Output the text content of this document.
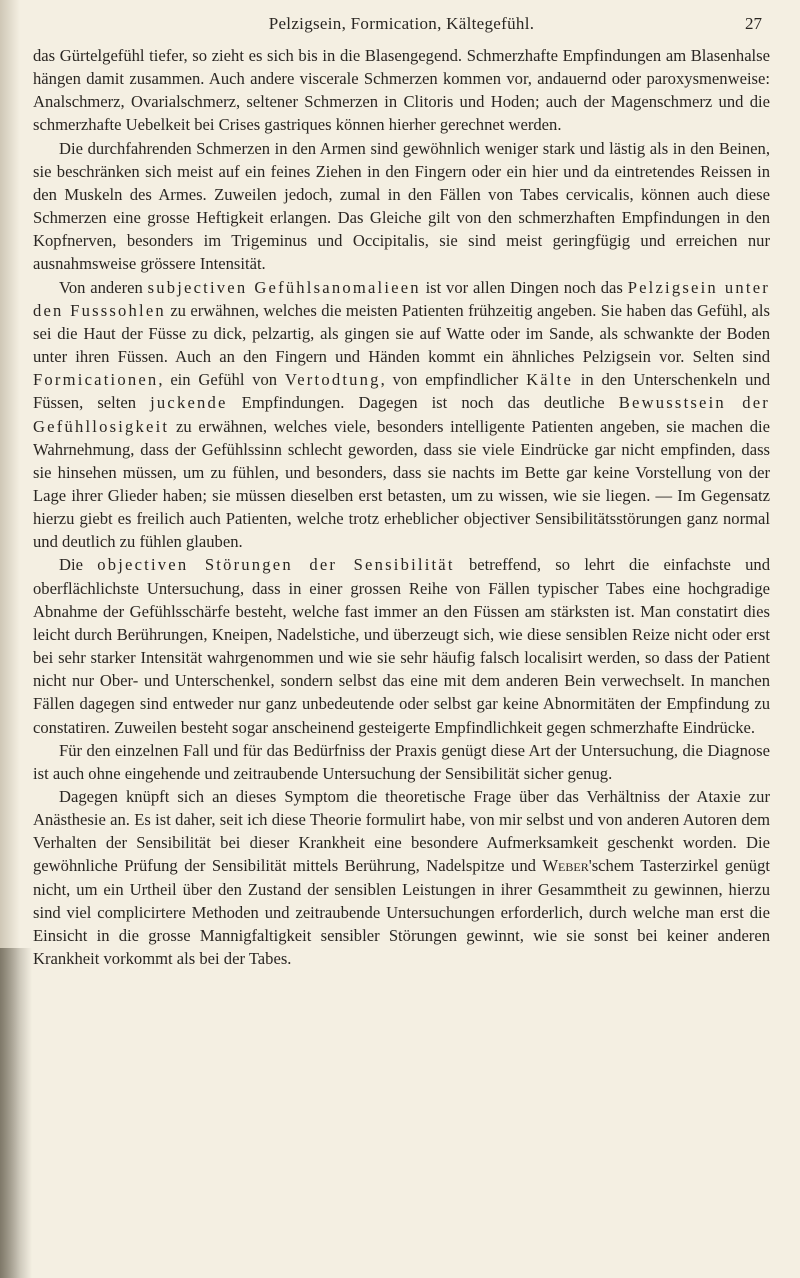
Pelzigsein, Formication, Kältegefühl.	27

das Gürtelgefühl tiefer, so zieht es sich bis in die Blasengegend. Schmerzhafte Empfindungen am Blasenhalse hängen damit zusammen. Auch andere viscerale Schmerzen kommen vor, andauernd oder paroxysmenweise: Analschmerz, Ovarialschmerz, seltener Schmerzen in Clitoris und Hoden; auch der Magenschmerz und die schmerzhafte Uebelkeit bei Crises gastriques können hierher gerechnet werden.

Die durchfahrenden Schmerzen in den Armen sind gewöhnlich weniger stark und lästig als in den Beinen, sie beschränken sich meist auf ein feines Ziehen in den Fingern oder ein hier und da eintretendes Reissen in den Muskeln des Armes. Zuweilen jedoch, zumal in den Fällen von Tabes cervicalis, können auch diese Schmerzen eine grosse Heftigkeit erlangen. Das Gleiche gilt von den schmerzhaften Empfindungen in den Kopfnerven, besonders im Trigeminus und Occipitalis, sie sind meist geringfügig und erreichen nur ausnahmsweise grössere Intensität.

Von anderen subjectiven Gefühlsanomalieen ist vor allen Dingen noch das Pelzigsein unter den Fusssohlen zu erwähnen, welches die meisten Patienten frühzeitig angeben. Sie haben das Gefühl, als sei die Haut der Füsse zu dick, pelzartig, als gingen sie auf Watte oder im Sande, als schwankte der Boden unter ihren Füssen. Auch an den Fingern und Händen kommt ein ähnliches Pelzigsein vor. Selten sind Formicationen, ein Gefühl von Vertodtung, von empfindlicher Kälte in den Unterschenkeln und Füssen, selten juckende Empfindungen. Dagegen ist noch das deutliche Bewusstsein der Gefühllosigkeit zu erwähnen, welches viele, besonders intelligente Patienten angeben, sie machen die Wahrnehmung, dass der Gefühlssinn schlecht geworden, dass sie viele Eindrücke gar nicht empfinden, dass sie hinsehen müssen, um zu fühlen, und besonders, dass sie nachts im Bette gar keine Vorstellung von der Lage ihrer Glieder haben; sie müssen dieselben erst betasten, um zu wissen, wie sie liegen. — Im Gegensatz hierzu giebt es freilich auch Patienten, welche trotz erheblicher objectiver Sensibilitätsstörungen ganz normal und deutlich zu fühlen glauben.

Die objectiven Störungen der Sensibilität betreffend, so lehrt die einfachste und oberflächlichste Untersuchung, dass in einer grossen Reihe von Fällen typischer Tabes eine hochgradige Abnahme der Gefühlsschärfe besteht, welche fast immer an den Füssen am stärksten ist. Man constatirt dies leicht durch Berührungen, Kneipen, Nadelstiche, und überzeugt sich, wie diese sensiblen Reize nicht oder erst bei sehr starker Intensität wahrgenommen und wie sie sehr häufig falsch localisirt werden, so dass der Patient nicht nur Ober- und Unterschenkel, sondern selbst das eine mit dem anderen Bein verwechselt. In manchen Fällen dagegen sind entweder nur ganz unbedeutende oder selbst gar keine Abnormitäten der Empfindung zu constatiren. Zuweilen besteht sogar anscheinend gesteigerte Empfindlichkeit gegen schmerzhafte Eindrücke.

Für den einzelnen Fall und für das Bedürfniss der Praxis genügt diese Art der Untersuchung, die Diagnose ist auch ohne eingehende und zeitraubende Untersuchung der Sensibilität sicher genug.

Dagegen knüpft sich an dieses Symptom die theoretische Frage über das Verhältniss der Ataxie zur Anästhesie an. Es ist daher, seit ich diese Theorie formulirt habe, von mir selbst und von anderen Autoren dem Verhalten der Sensibilität bei dieser Krankheit eine besondere Aufmerksamkeit geschenkt worden. Die gewöhnliche Prüfung der Sensibilität mittels Berührung, Nadelspitze und Weber'schem Tasterzirkel genügt nicht, um ein Urtheil über den Zustand der sensiblen Leistungen in ihrer Gesammtheit zu gewinnen, hierzu sind viel complicirtere Methoden und zeitraubende Untersuchungen erforderlich, durch welche man erst die Einsicht in die grosse Mannigfaltigkeit sensibler Störungen gewinnt, wie sie sonst bei keiner anderen Krankheit vorkommt als bei der Tabes.
